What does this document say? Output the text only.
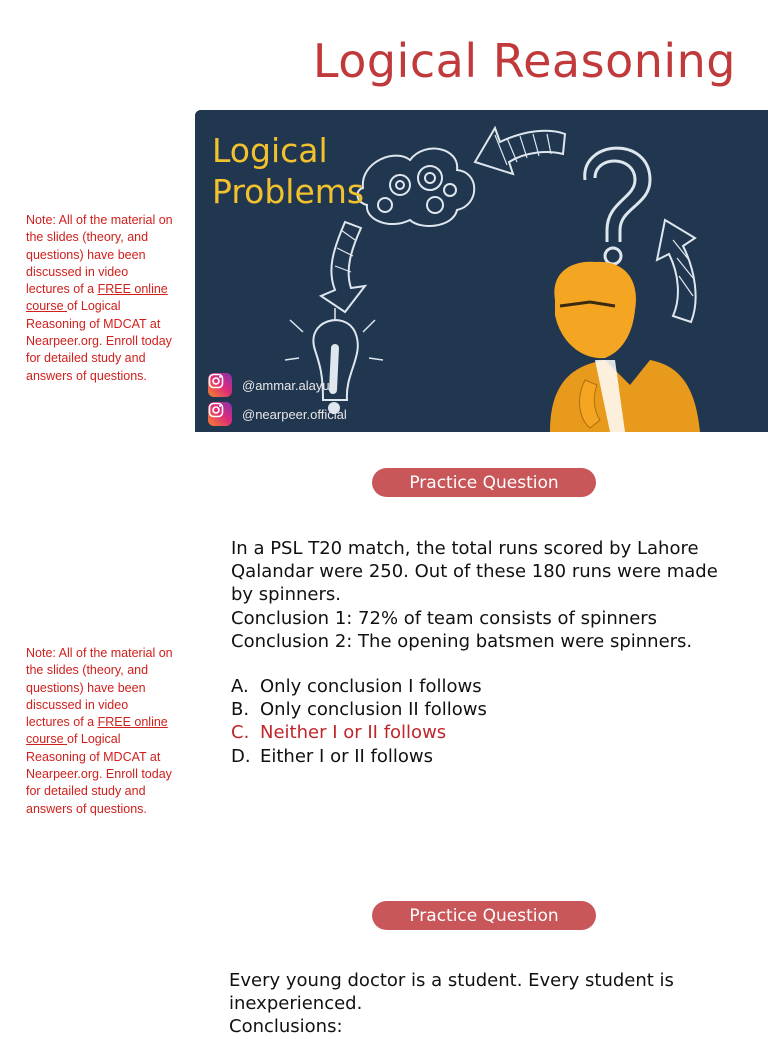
Logical Reasoning
Logical
Problems
@ammar.alayub
@nearpeer.official
Note: All of the material on the slides (theory, and questions) have been discussed in video lectures of a FREE online course of Logical Reasoning of MDCAT at Nearpeer.org. Enroll today for detailed study and answers of questions.
Practice Question
In a PSL T20 match, the total runs scored by Lahore
Qalandar were 250. Out of these 180 runs were made
by spinners.
Conclusion 1: 72% of team consists of spinners
Conclusion 2: The opening batsmen were spinners.
A. Only conclusion I follows
B. Only conclusion II follows
C. Neither I or II follows
D. Either I or II follows
Note: All of the material on the slides (theory, and questions) have been discussed in video lectures of a FREE online course of Logical Reasoning of MDCAT at Nearpeer.org. Enroll today for detailed study and answers of questions.
Practice Question
Every young doctor is a student. Every student is
inexperienced.
Conclusions:
